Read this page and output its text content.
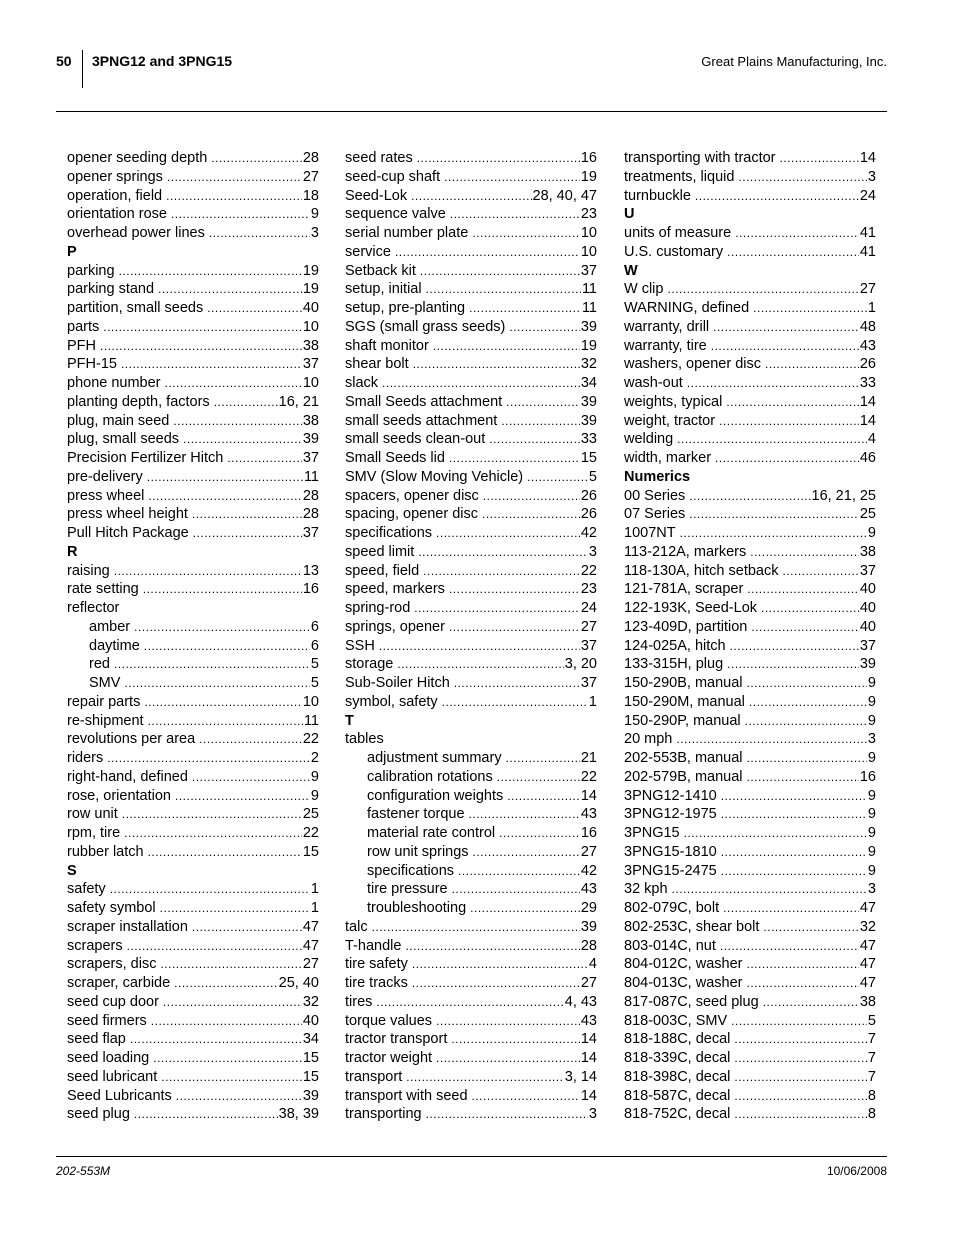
50 3PNG12 and 3PNG15	Great Plains Manufacturing, Inc.
opener seeding depth .....	28
opener springs .....	27
operation, field .....	18
orientation rose .....	9
overhead power lines .....	3
P
parking .....	19
parking stand .....	19
partition, small seeds .....	40
parts .....	10
PFH .....	38
PFH-15 .....	37
phone number .....	10
planting depth, factors .....	16, 21
plug, main seed .....	38
plug, small seeds .....	39
Precision Fertilizer Hitch .....	37
pre-delivery .....	11
press wheel .....	28
press wheel height .....	28
Pull Hitch Package .....	37
R
raising .....	13
rate setting .....	16
reflector
amber .....	6
daytime .....	6
red .....	5
SMV .....	5
repair parts .....	10
re-shipment .....	11
revolutions per area .....	22
riders .....	2
right-hand, defined .....	9
rose, orientation .....	9
row unit .....	25
rpm, tire .....	22
rubber latch .....	15
S
safety .....	1
safety symbol .....	1
scraper installation .....	47
scrapers .....	47
scrapers, disc .....	27
scraper, carbide .....	25, 40
seed cup door .....	32
seed firmers .....	40
seed flap .....	34
seed loading .....	15
seed lubricant .....	15
Seed Lubricants .....	39
seed plug .....	38, 39
seed rates .....	16
seed-cup shaft .....	19
Seed-Lok .....	28, 40, 47
sequence valve .....	23
serial number plate .....	10
service .....	10
Setback kit .....	37
setup, initial .....	11
setup, pre-planting .....	11
SGS (small grass seeds) .....	39
shaft monitor .....	19
shear bolt .....	32
slack .....	34
Small Seeds attachment .....	39
small seeds attachment .....	39
small seeds clean-out .....	33
Small Seeds lid .....	15
SMV (Slow Moving Vehicle) .....	5
spacers, opener disc .....	26
spacing, opener disc .....	26
specifications .....	42
speed limit .....	3
speed, field .....	22
speed, markers .....	23
spring-rod .....	24
springs, opener .....	27
SSH .....	37
storage .....	3, 20
Sub-Soiler Hitch .....	37
symbol, safety .....	1
T
tables
adjustment summary .....	21
calibration rotations .....	22
configuration weights .....	14
fastener torque .....	43
material rate control .....	16
row unit springs .....	27
specifications .....	42
tire pressure .....	43
troubleshooting .....	29
talc .....	39
T-handle .....	28
tire safety .....	4
tire tracks .....	27
tires .....	4, 43
torque values .....	43
tractor transport .....	14
tractor weight .....	14
transport .....	3, 14
transport with seed .....	14
transporting .....	3
transporting with tractor .....	14
treatments, liquid .....	3
turnbuckle .....	24
U
units of measure .....	41
U.S. customary .....	41
W
W clip .....	27
WARNING, defined .....	1
warranty, drill .....	48
warranty, tire .....	43
washers, opener disc .....	26
wash-out .....	33
weights, typical .....	14
weight, tractor .....	14
welding .....	4
width, marker .....	46
Numerics
00 Series .....	16, 21, 25
07 Series .....	25
1007NT .....	9
113-212A, markers .....	38
118-130A, hitch setback .....	37
121-781A, scraper .....	40
122-193K, Seed-Lok .....	40
123-409D, partition .....	40
124-025A, hitch .....	37
133-315H, plug .....	39
150-290B, manual .....	9
150-290M, manual .....	9
150-290P, manual .....	9
20 mph .....	3
202-553B, manual .....	9
202-579B, manual .....	16
3PNG12-1410 .....	9
3PNG12-1975 .....	9
3PNG15 .....	9
3PNG15-1810 .....	9
3PNG15-2475 .....	9
32 kph .....	3
802-079C, bolt .....	47
802-253C, shear bolt .....	32
803-014C, nut .....	47
804-012C, washer .....	47
804-013C, washer .....	47
817-087C, seed plug .....	38
818-003C, SMV .....	5
818-188C, decal .....	7
818-339C, decal .....	7
818-398C, decal .....	7
818-587C, decal .....	8
818-752C, decal .....	8
202-553M	10/06/2008
